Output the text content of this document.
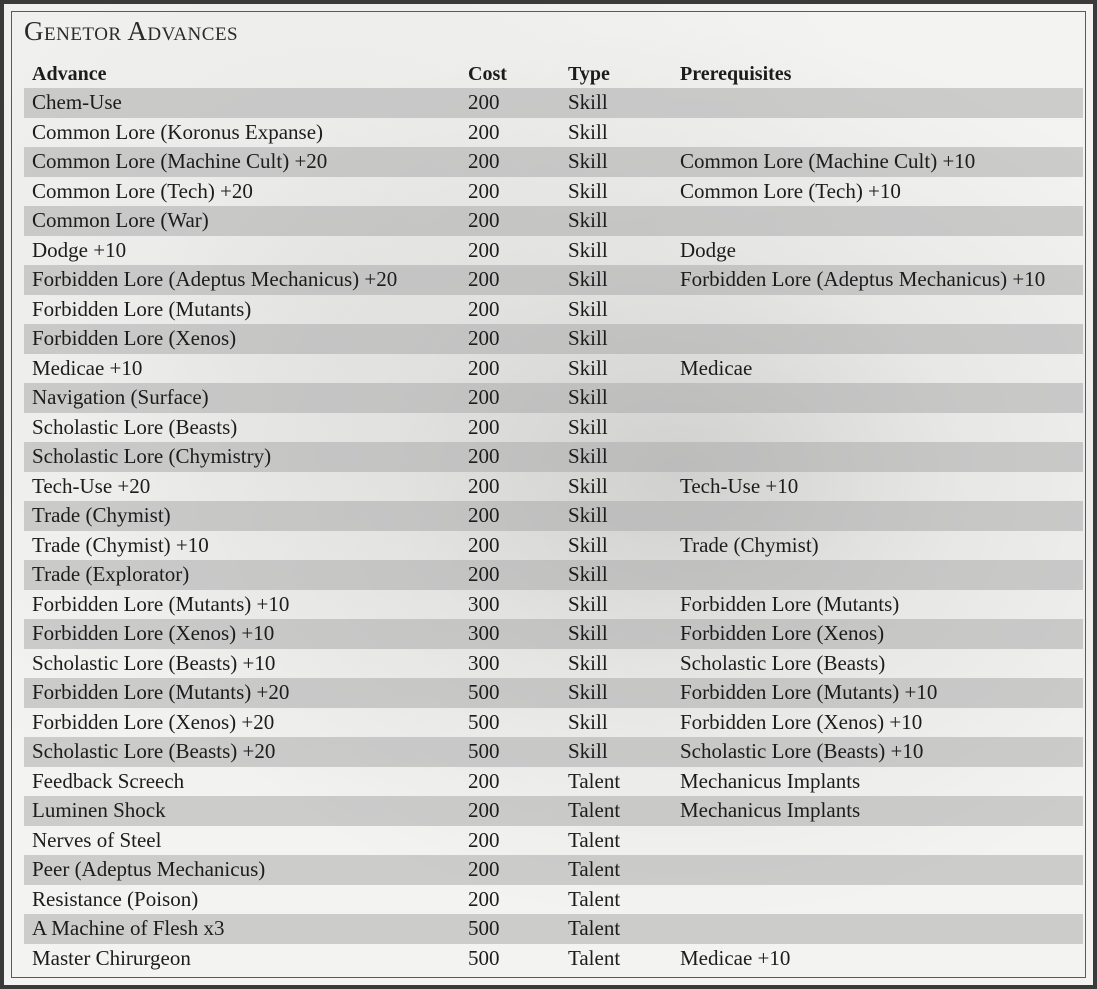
Genetor Advances
Advance	Cost	Type	Prerequisites
Chem-Use	200	Skill
Common Lore (Koronus Expanse)	200	Skill
Common Lore (Machine Cult) +20	200	Skill	Common Lore (Machine Cult) +10
Common Lore (Tech) +20	200	Skill	Common Lore (Tech) +10
Common Lore (War)	200	Skill
Dodge +10	200	Skill	Dodge
Forbidden Lore (Adeptus Mechanicus) +20	200	Skill	Forbidden Lore (Adeptus Mechanicus) +10
Forbidden Lore (Mutants)	200	Skill
Forbidden Lore (Xenos)	200	Skill
Medicae +10	200	Skill	Medicae
Navigation (Surface)	200	Skill
Scholastic Lore (Beasts)	200	Skill
Scholastic Lore (Chymistry)	200	Skill
Tech-Use +20	200	Skill	Tech-Use +10
Trade (Chymist)	200	Skill
Trade (Chymist) +10	200	Skill	Trade (Chymist)
Trade (Explorator)	200	Skill
Forbidden Lore (Mutants) +10	300	Skill	Forbidden Lore (Mutants)
Forbidden Lore (Xenos) +10	300	Skill	Forbidden Lore (Xenos)
Scholastic Lore (Beasts) +10	300	Skill	Scholastic Lore (Beasts)
Forbidden Lore (Mutants) +20	500	Skill	Forbidden Lore (Mutants) +10
Forbidden Lore (Xenos) +20	500	Skill	Forbidden Lore (Xenos) +10
Scholastic Lore (Beasts) +20	500	Skill	Scholastic Lore (Beasts) +10
Feedback Screech	200	Talent	Mechanicus Implants
Luminen Shock	200	Talent	Mechanicus Implants
Nerves of Steel	200	Talent
Peer (Adeptus Mechanicus)	200	Talent
Resistance (Poison)	200	Talent
A Machine of Flesh x3	500	Talent
Master Chirurgeon	500	Talent	Medicae +10
